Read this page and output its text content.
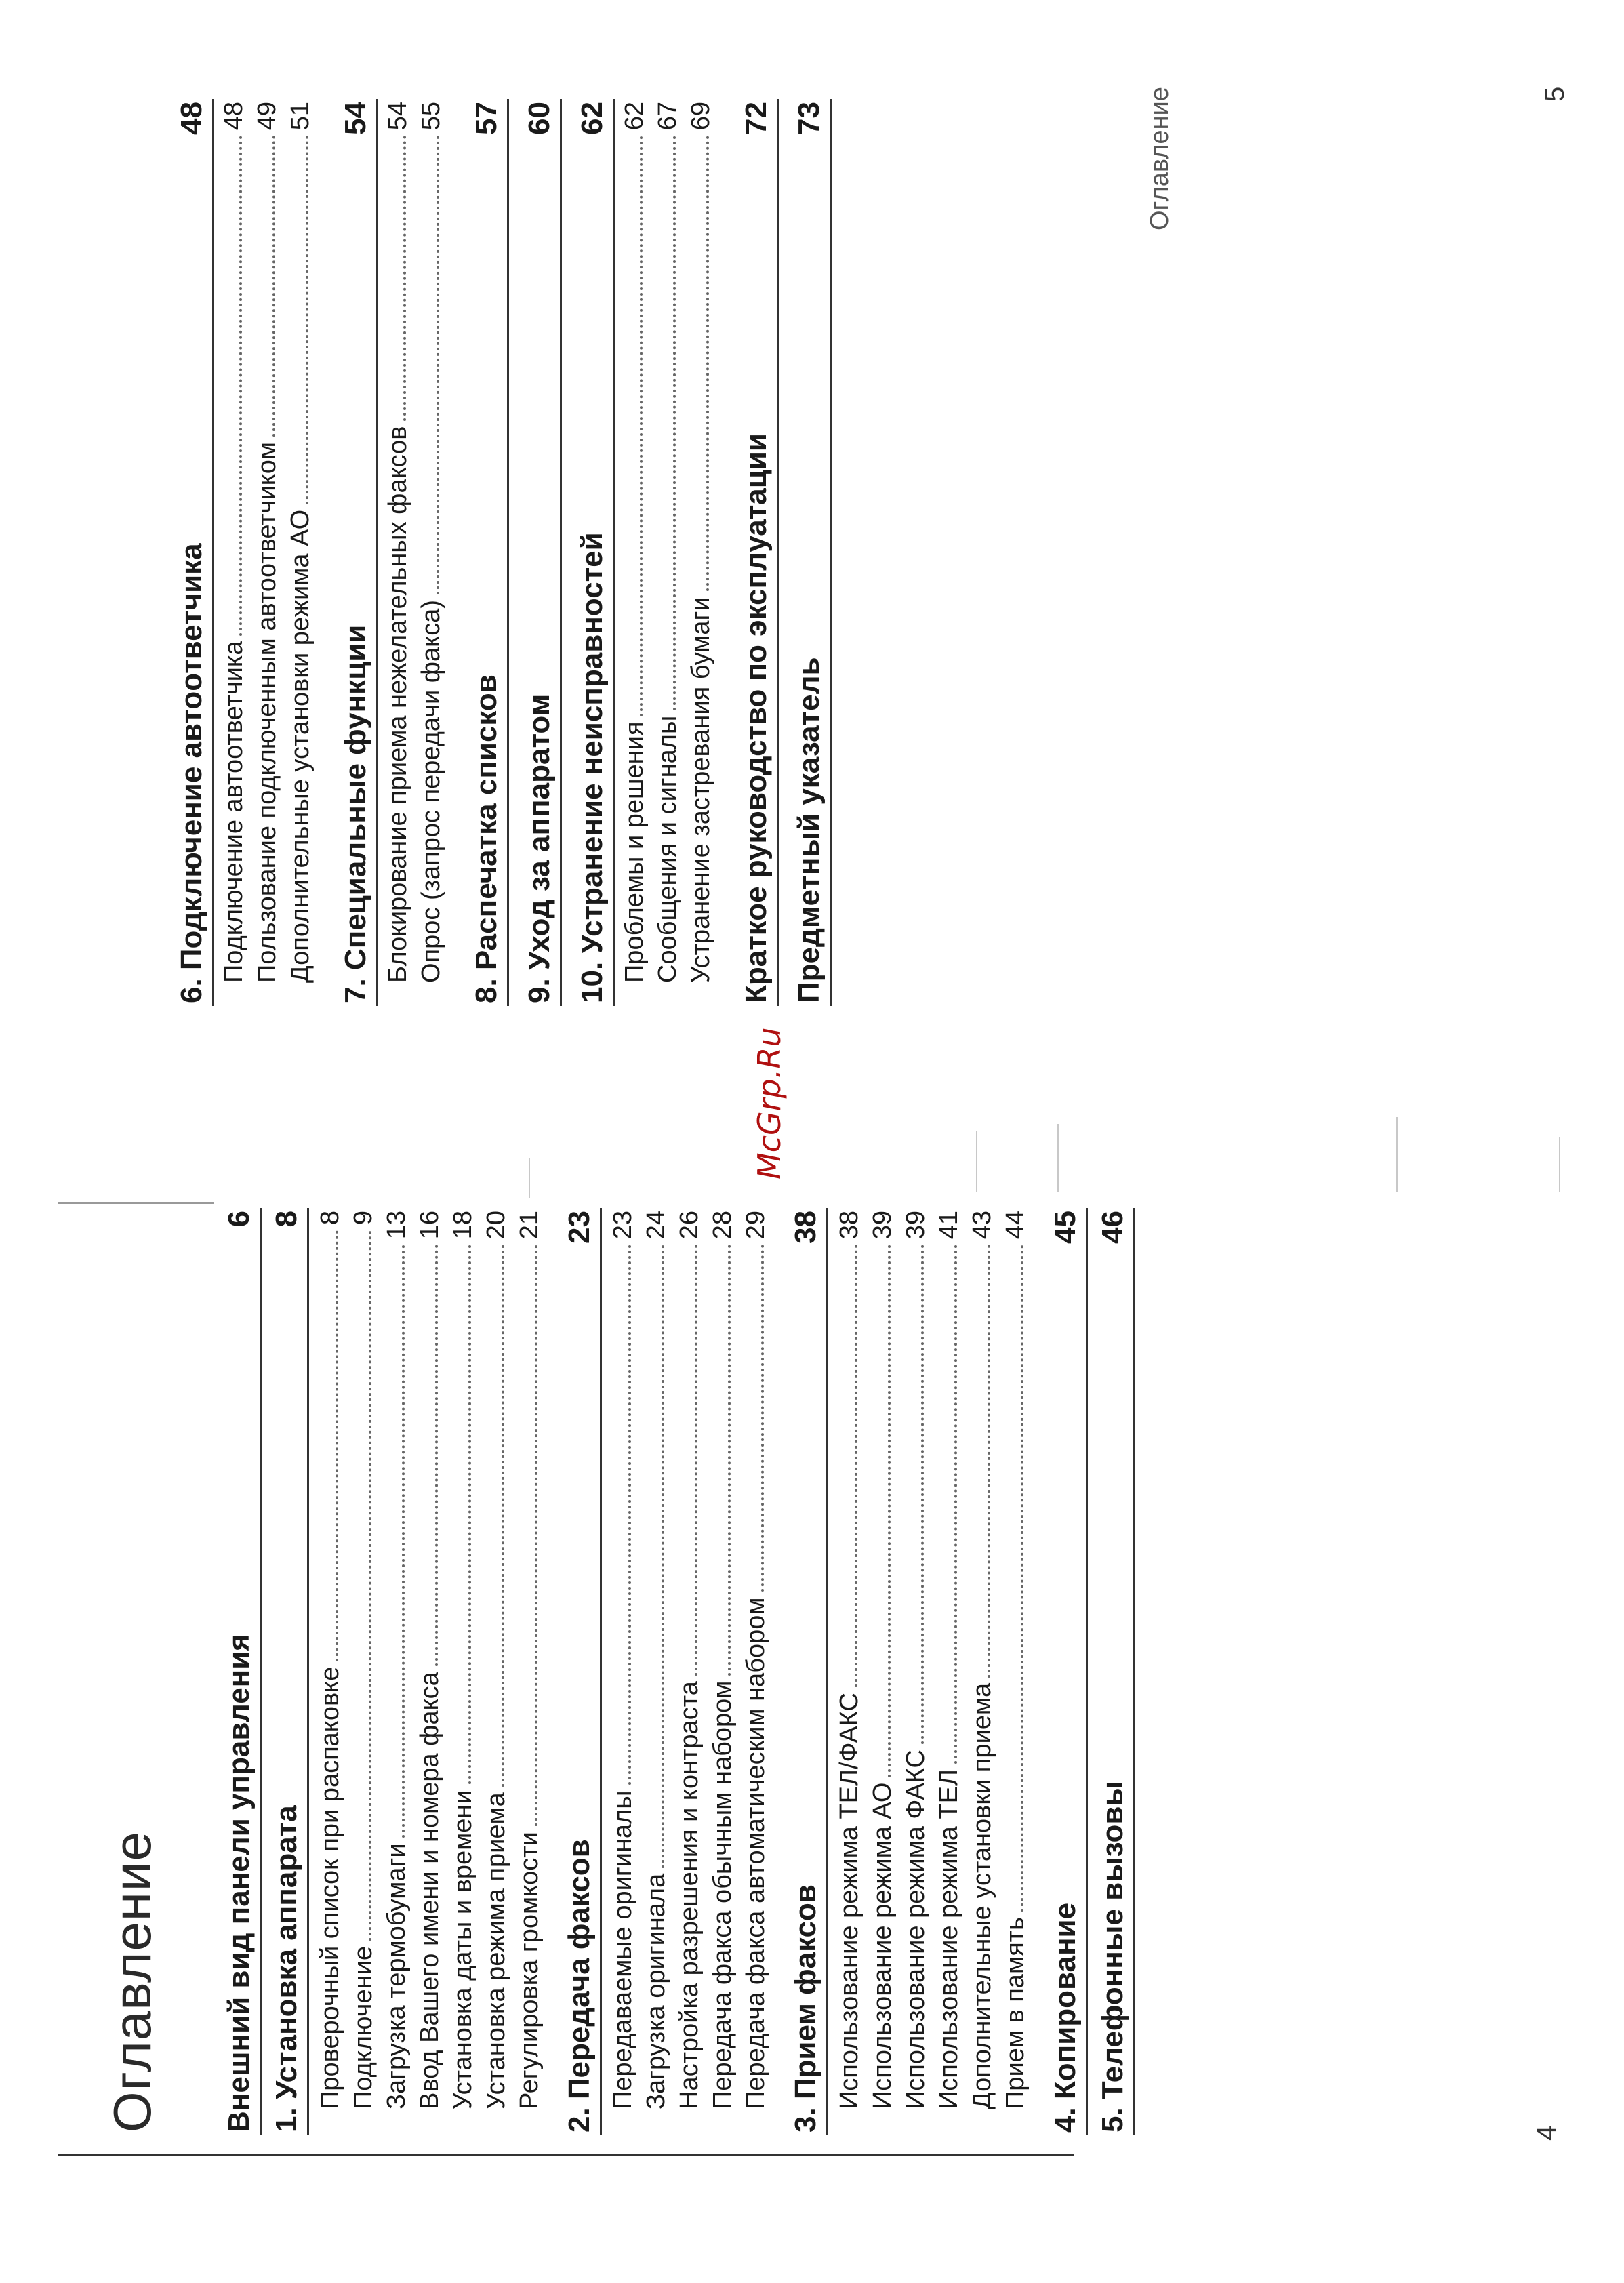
Оглавление
4
Внешний вид панели управления
6
1. Установка аппарата
8
Проверочный список при распаковке
8
Подключение
9
Загрузка термобумаги
13
Ввод Вашего имени и номера факса
16
Установка даты и времени
18
Установка режима приема
20
Регулировка громкости
21
2. Передача факсов
23
Передаваемые оригиналы
23
Загрузка оригинала
24
Настройка разрешения и контраста
26
Передача факса обычным набором
28
Передача факса автоматическим набором
29
3. Прием факсов
38
Использование режима ТЕЛ/ФАКС
38
Использование режима АО
39
Использование режима ФАКС
39
Использование режима ТЕЛ
41
Дополнительные установки приема
43
Прием в память
44
4. Копирование
45
5. Телефонные вызовы
46
McGrp.Ru
Оглавление	5
6. Подключение автоответчика
48
Подключение автоответчика
48
Пользование подключенным автоответчиком
49
Дополнительные установки режима АО
51
7. Специальные функции
54
Блокирование приема нежелательных факсов
54
Опрос (запрос передачи факса)
55
8. Распечатка списков
57
9. Уход за аппаратом
60
10. Устранение неисправностей
62
Проблемы и решения
62
Сообщения и сигналы
67
Устранение застревания бумаги
69
Краткое руководство по эксплуатации
72
Предметный указатель
73
